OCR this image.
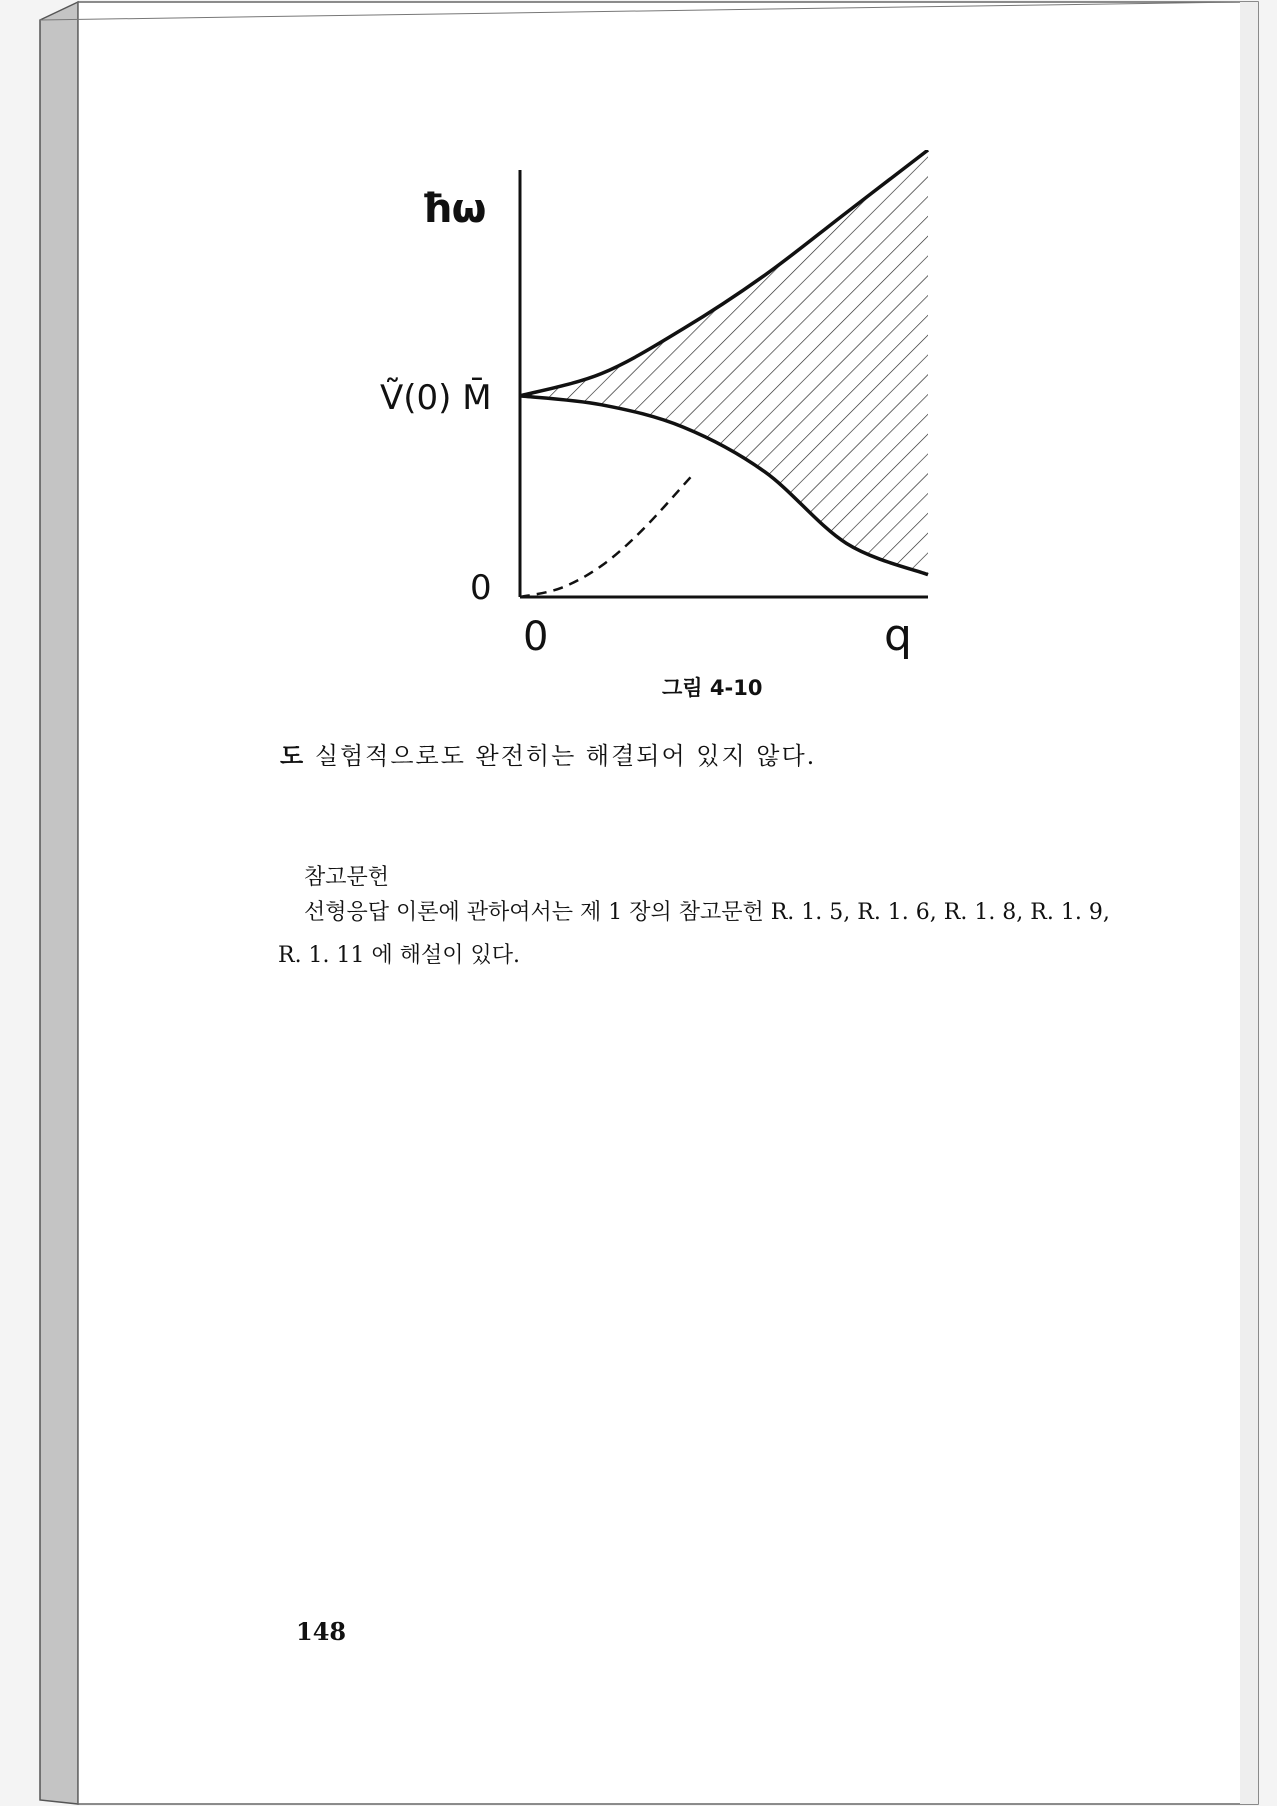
ħω
Ṽ(0) M̄
0
0	q
그림 4-10
도 실험적으로도 완전히는 해결되어 있지 않다.
참고문헌
선형응답 이론에 관하여서는 제 1 장의 참고문헌 R. 1. 5, R. 1. 6, R. 1. 8, R. 1. 9,
R. 1. 11 에 해설이 있다.
148
